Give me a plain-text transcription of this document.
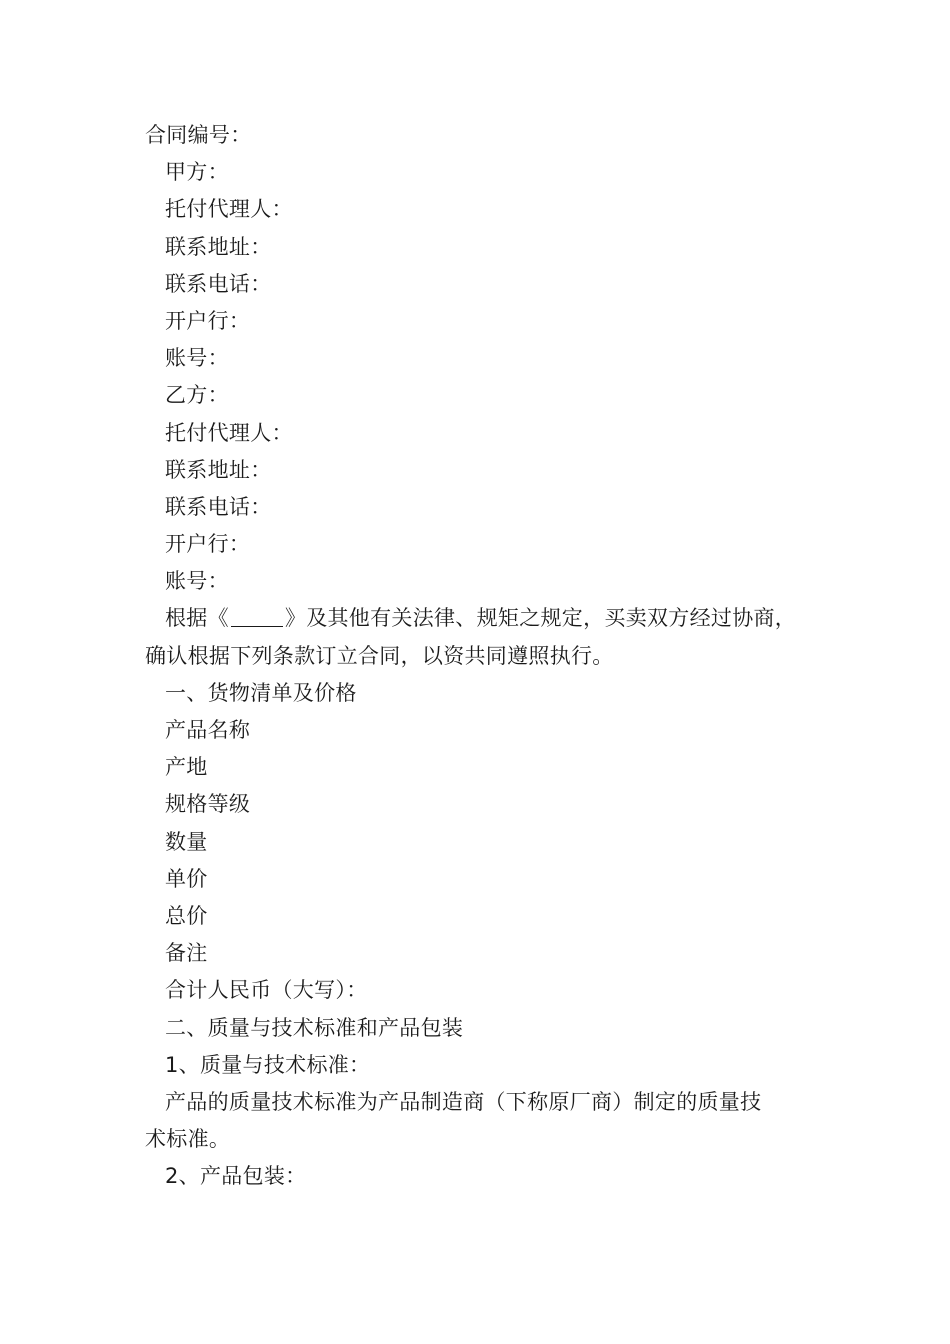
合同编号：
甲方：
托付代理人：
联系地址：
联系电话：
开户行：
账号：
乙方：
托付代理人：
联系地址：
联系电话：
开户行：
账号：
根据《	》及其他有关法律、规矩之规定，买卖双方经过协商，
确认根据下列条款订立合同，以资共同遵照执行。
一、货物清单及价格
产品名称
产地
规格等级
数量
单价
总价
备注
合计人民币（大写）：
二、质量与技术标准和产品包装
1、质量与技术标准：
产品的质量技术标准为产品制造商（下称原厂商）制定的质量技
术标准。
2、产品包装：
